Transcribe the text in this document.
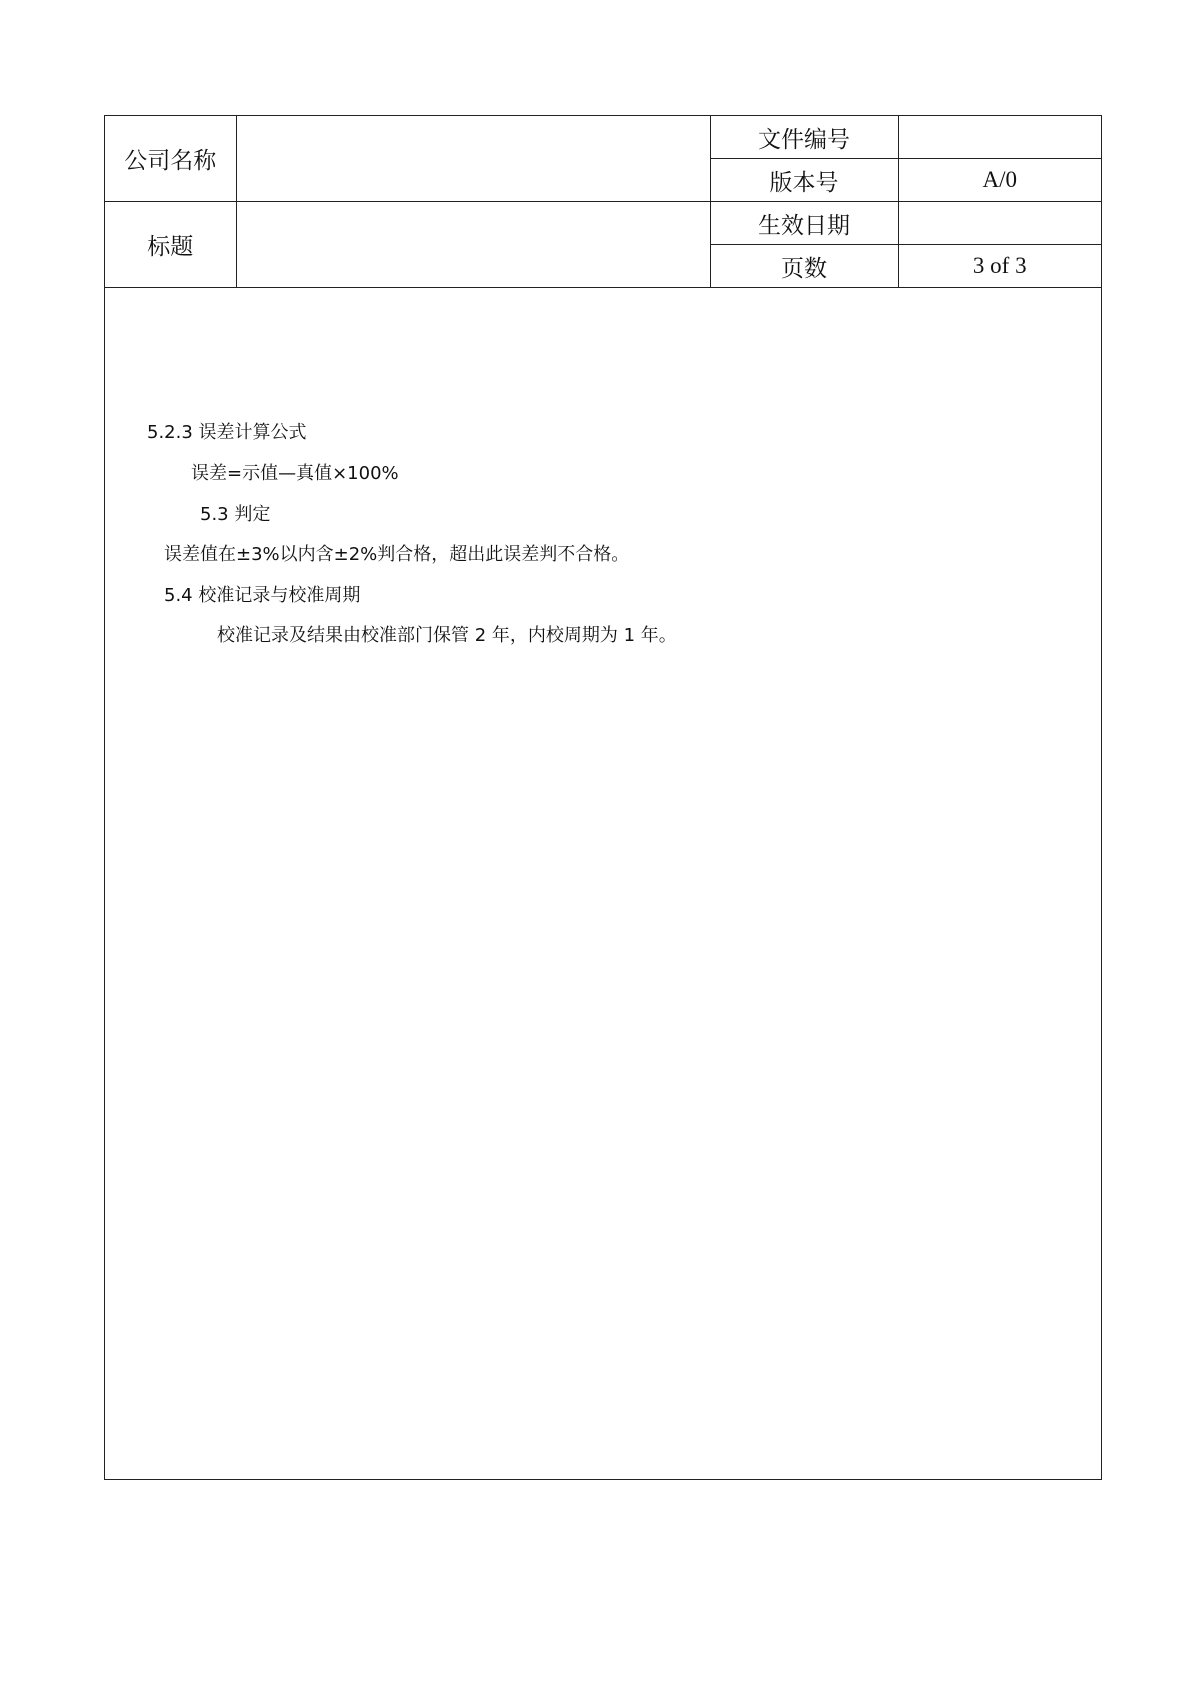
公司名称		文件编号	
		版本号	A/0
标题		生效日期	
		页数	3 of 3
5.2.3 误差计算公式
误差=示值—真值×100%
5.3 判定
误差值在±3%以内含±2%判合格，超出此误差判不合格。
5.4 校准记录与校准周期
校准记录及结果由校准部门保管 2 年，内校周期为 1 年。
